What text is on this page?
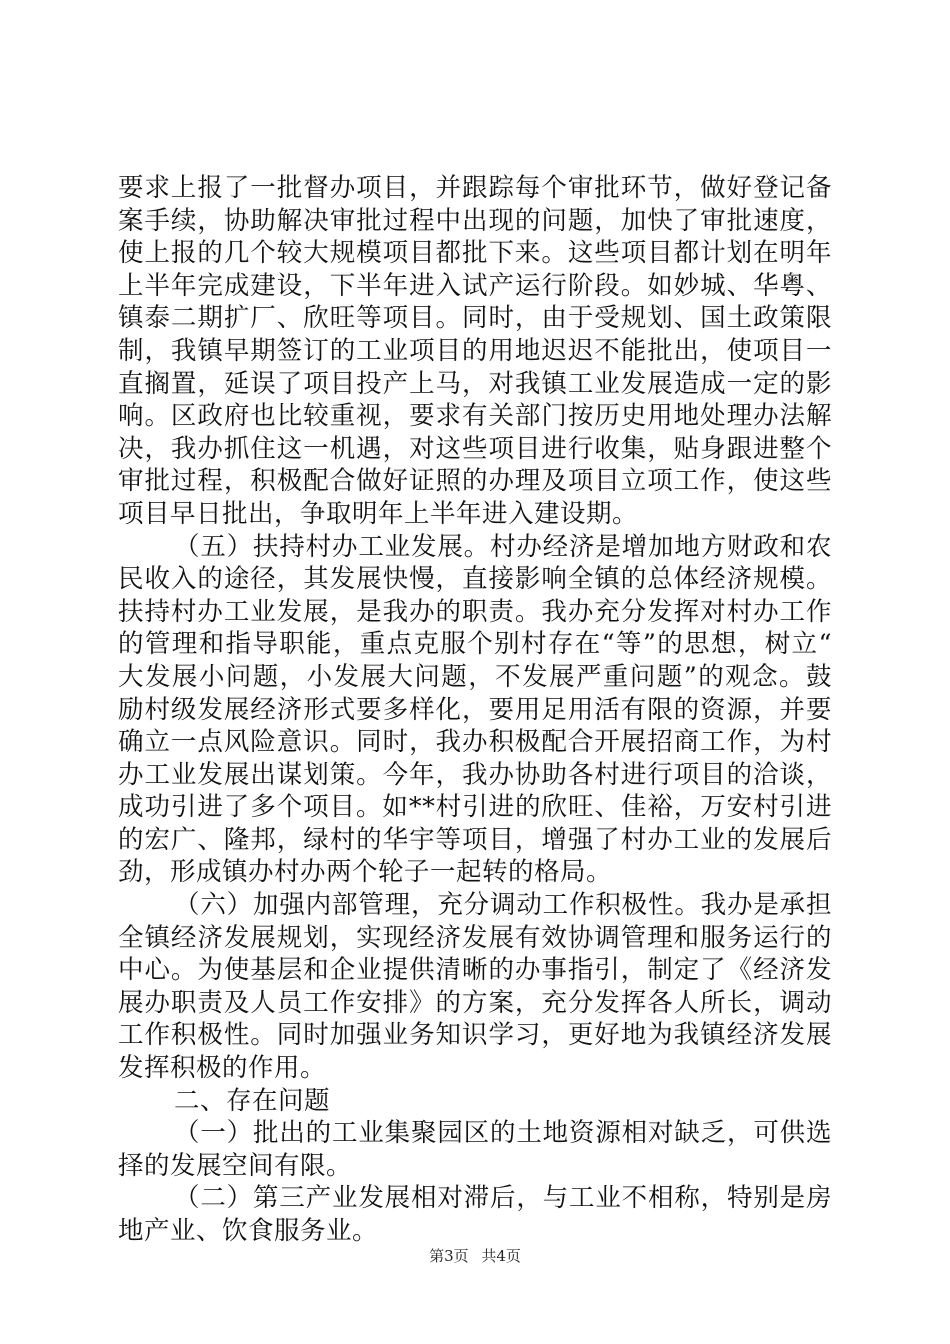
要求上报了一批督办项目，并跟踪每个审批环节，做好登记备案手续，协助解决审批过程中出现的问题，加快了审批速度，使上报的几个较大规模项目都批下来。这些项目都计划在明年上半年完成建设，下半年进入试产运行阶段。如妙城、华粤、镇泰二期扩厂、欣旺等项目。同时，由于受规划、国土政策限制，我镇早期签订的工业项目的用地迟迟不能批出，使项目一直搁置，延误了项目投产上马，对我镇工业发展造成一定的影响。区政府也比较重视，要求有关部门按历史用地处理办法解决，我办抓住这一机遇，对这些项目进行收集，贴身跟进整个审批过程，积极配合做好证照的办理及项目立项工作，使这些项目早日批出，争取明年上半年进入建设期。

（五）扶持村办工业发展。村办经济是增加地方财政和农民收入的途径，其发展快慢，直接影响全镇的总体经济规模。扶持村办工业发展，是我办的职责。我办充分发挥对村办工作的管理和指导职能，重点克服个别村存在“等”的思想，树立“大发展小问题，小发展大问题，不发展严重问题”的观念。鼓励村级发展经济形式要多样化，要用足用活有限的资源，并要确立一点风险意识。同时，我办积极配合开展招商工作，为村办工业发展出谋划策。今年，我办协助各村进行项目的洽谈，成功引进了多个项目。如**村引进的欣旺、佳裕，万安村引进的宏广、隆邦，绿村的华宇等项目，增强了村办工业的发展后劲，形成镇办村办两个轮子一起转的格局。

（六）加强内部管理，充分调动工作积极性。我办是承担全镇经济发展规划，实现经济发展有效协调管理和服务运行的中心。为使基层和企业提供清晰的办事指引，制定了《经济发展办职责及人员工作安排》的方案，充分发挥各人所长，调动工作积极性。同时加强业务知识学习，更好地为我镇经济发展发挥积极的作用。

二、存在问题

（一）批出的工业集聚园区的土地资源相对缺乏，可供选择的发展空间有限。

（二）第三产业发展相对滞后，与工业不相称，特别是房地产业、饮食服务业。

第3页 共4页
